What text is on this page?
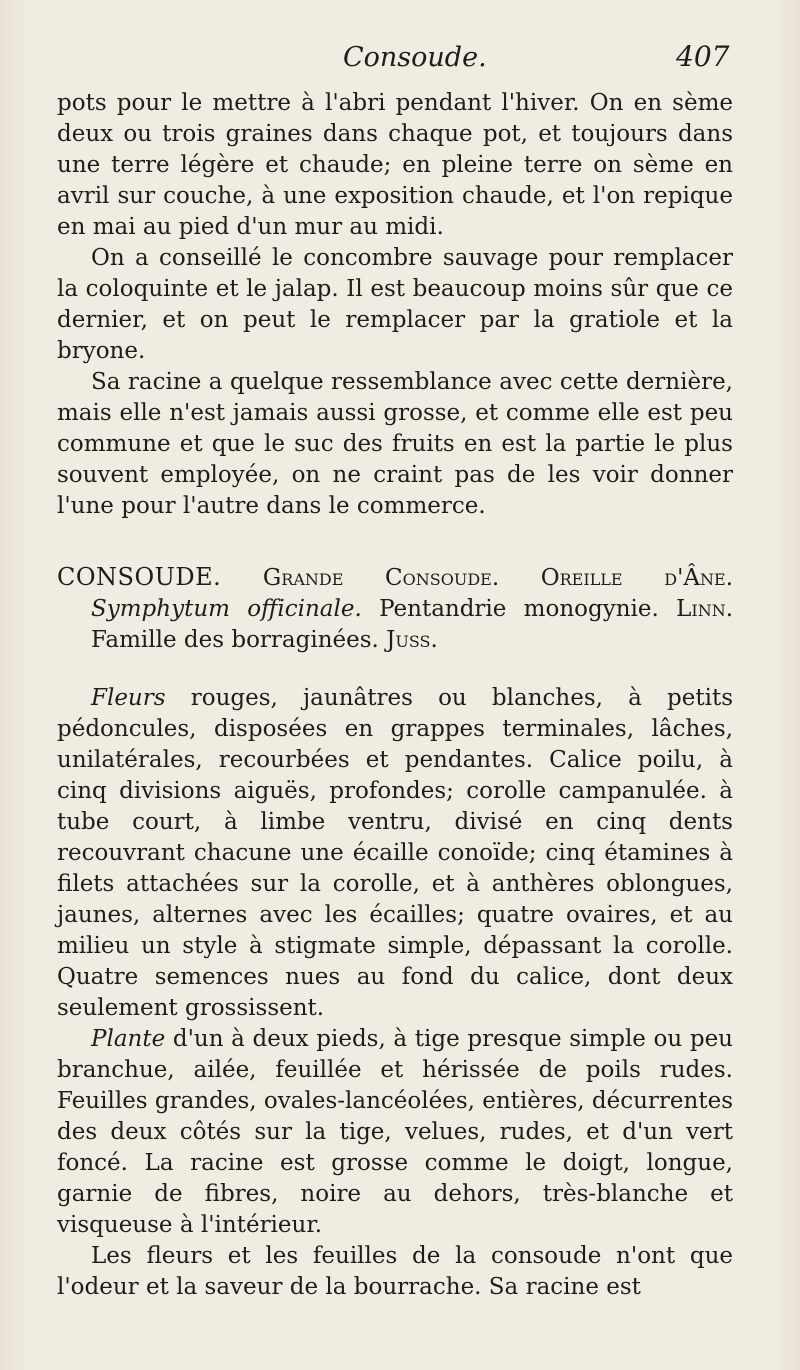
Consoude.	407

pots pour le mettre à l'abri pendant l'hiver. On en sème deux ou trois graines dans chaque pot, et toujours dans une terre légère et chaude; en pleine terre on sème en avril sur couche, à une exposition chaude, et l'on repique en mai au pied d'un mur au midi.

On a conseillé le concombre sauvage pour remplacer la coloquinte et le jalap. Il est beaucoup moins sûr que ce dernier, et on peut le remplacer par la gratiole et la bryone.

Sa racine a quelque ressemblance avec cette dernière, mais elle n'est jamais aussi grosse, et comme elle est peu commune et que le suc des fruits en est la partie le plus souvent employée, on ne craint pas de les voir donner l'une pour l'autre dans le commerce.

CONSOUDE. Grande Consoude. Oreille d'Âne. Symphytum officinale. Pentandrie monogynie. Linn. Famille des borraginées. Juss.

Fleurs rouges, jaunâtres ou blanches, à petits pédoncules, disposées en grappes terminales, lâches, unilatérales, recourbées et pendantes. Calice poilu, à cinq divisions aiguës, profondes; corolle campanulée. à tube court, à limbe ventru, divisé en cinq dents recouvrant chacune une écaille conoïde; cinq étamines à filets attachées sur la corolle, et à anthères oblongues, jaunes, alternes avec les écailles; quatre ovaires, et au milieu un style à stigmate simple, dépassant la corolle. Quatre semences nues au fond du calice, dont deux seulement grossissent.

Plante d'un à deux pieds, à tige presque simple ou peu branchue, ailée, feuillée et hérissée de poils rudes. Feuilles grandes, ovales-lancéolées, entières, décurrentes des deux côtés sur la tige, velues, rudes, et d'un vert foncé. La racine est grosse comme le doigt, longue, garnie de fibres, noire au dehors, très-blanche et visqueuse à l'intérieur.

Les fleurs et les feuilles de la consoude n'ont que l'odeur et la saveur de la bourrache. Sa racine est
